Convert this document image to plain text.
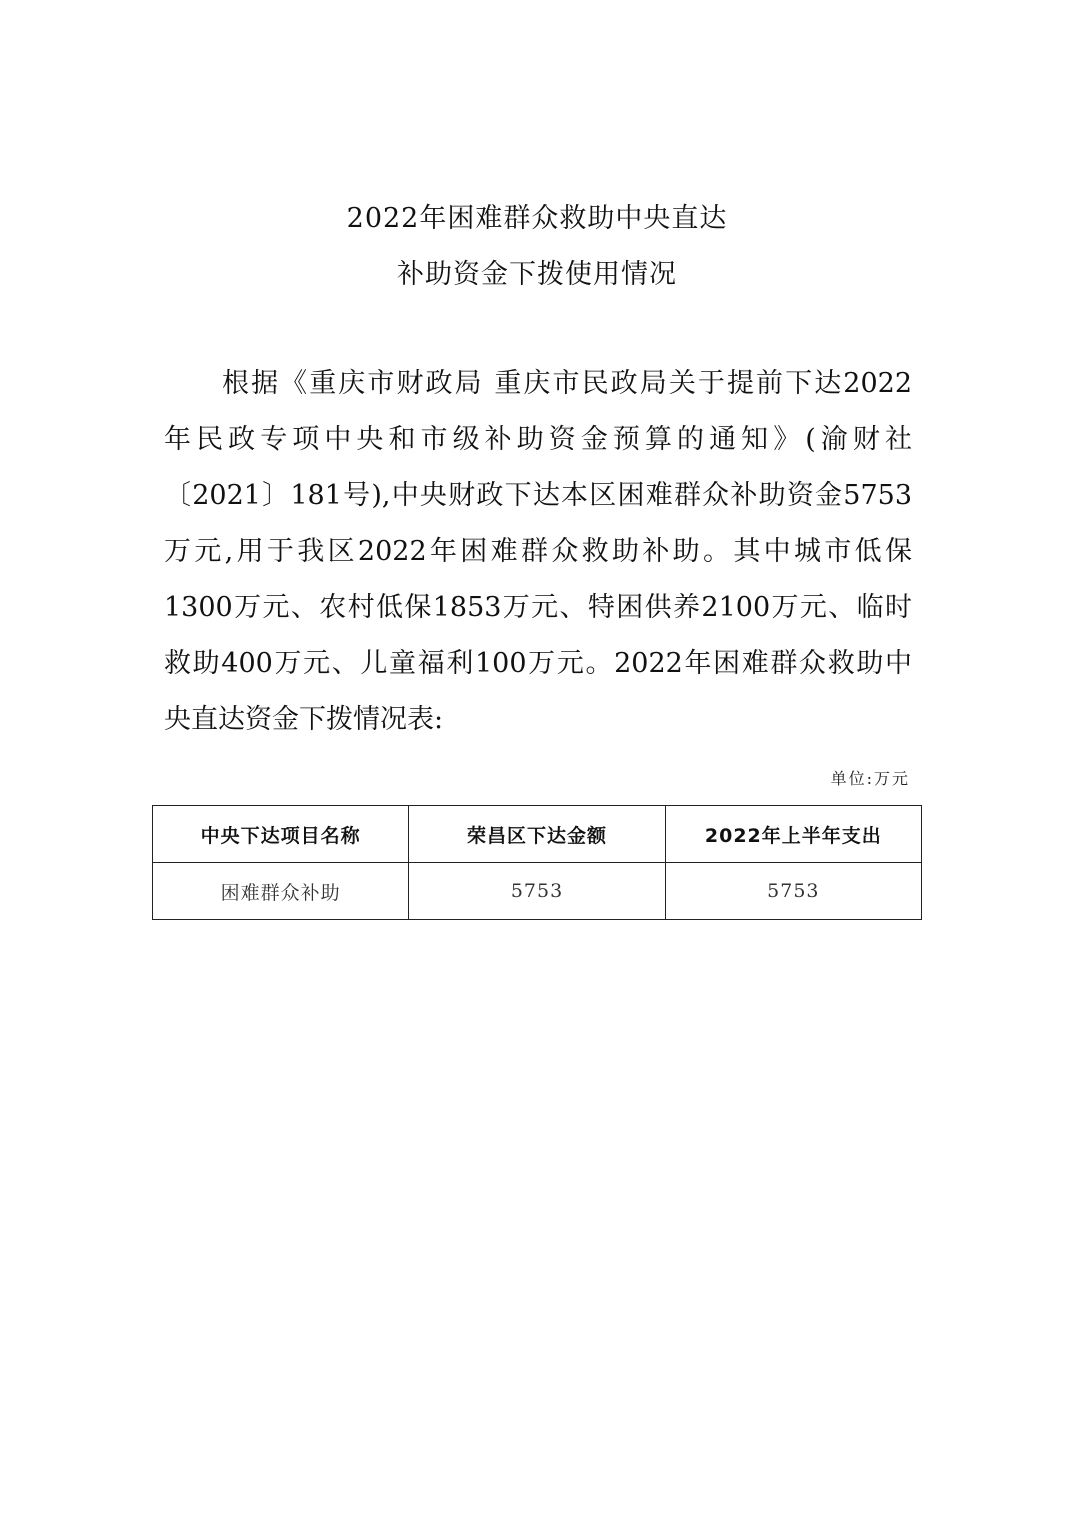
2022年困难群众救助中央直达
补助资金下拨使用情况
根据《重庆市财政局 重庆市民政局关于提前下达2022
年民政专项中央和市级补助资金预算的通知》(渝财社
〔2021〕181号),中央财政下达本区困难群众补助资金5753
万元,用于我区2022年困难群众救助补助。其中城市低保
1300万元、农村低保1853万元、特困供养2100万元、临时
救助400万元、儿童福利100万元。2022年困难群众救助中
央直达资金下拨情况表:
单位:万元
中央下达项目名称	荣昌区下达金额	2022年上半年支出
困难群众补助	5753	5753
